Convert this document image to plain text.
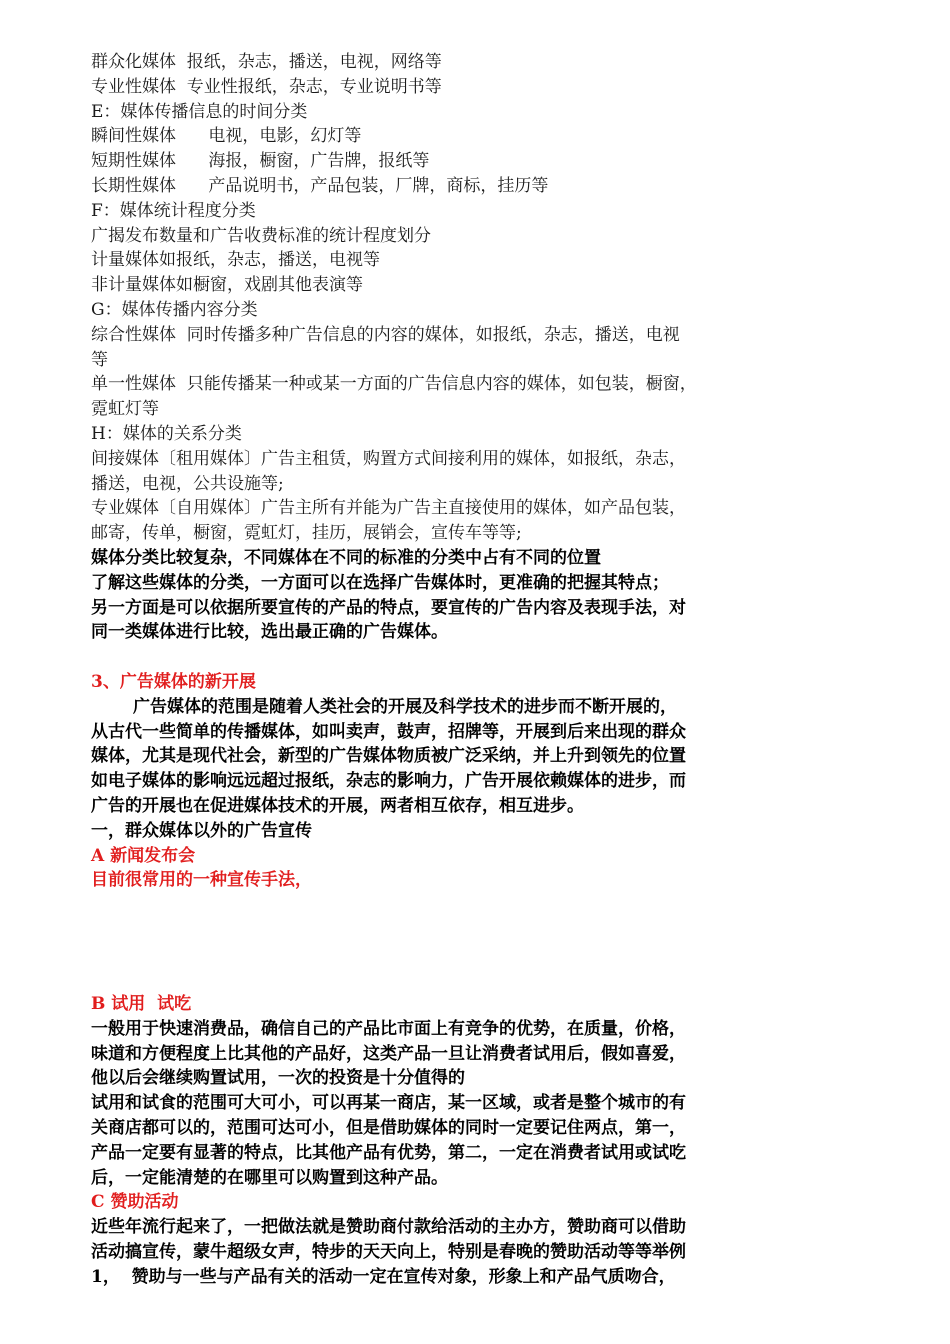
群众化媒体  报纸，杂志，播送，电视，网络等
专业性媒体  专业性报纸，杂志，专业说明书等
E：媒体传播信息的时间分类
瞬间性媒体      电视，电影，幻灯等
短期性媒体      海报，橱窗，广告牌，报纸等
长期性媒体      产品说明书，产品包装，厂牌，商标，挂历等
F：媒体统计程度分类
广揭发布数量和广告收费标准的统计程度划分
计量媒体如报纸，杂志，播送，电视等
非计量媒体如橱窗，戏剧其他表演等
G：媒体传播内容分类
综合性媒体  同时传播多种广告信息的内容的媒体，如报纸，杂志，播送，电视
等
单一性媒体  只能传播某一种或某一方面的广告信息内容的媒体，如包装，橱窗，
霓虹灯等
H：媒体的关系分类
间接媒体〔租用媒体〕广告主租赁，购置方式间接利用的媒体，如报纸，杂志，
播送，电视，公共设施等;
专业媒体〔自用媒体〕广告主所有并能为广告主直接使用的媒体，如产品包装，
邮寄，传单，橱窗，霓虹灯，挂历，展销会，宣传车等等;
媒体分类比较复杂，不同媒体在不同的标准的分类中占有不同的位置
了解这些媒体的分类，一方面可以在选择广告媒体时，更准确的把握其特点；
另一方面是可以依据所要宣传的产品的特点，要宣传的广告内容及表现手法，对
同一类媒体进行比较，选出最正确的广告媒体。
3、广告媒体的新开展
广告媒体的范围是随着人类社会的开展及科学技术的进步而不断开展的，
从古代一些简单的传播媒体，如叫卖声，鼓声，招牌等，开展到后来出现的群众
媒体，尤其是现代社会，新型的广告媒体物质被广泛采纳，并上升到领先的位置
如电子媒体的影响远远超过报纸，杂志的影响力，广告开展依赖媒体的进步，而
广告的开展也在促进媒体技术的开展，两者相互依存，相互进步。
一，群众媒体以外的广告宣传
A 新闻发布会
目前很常用的一种宣传手法，
B 试用  试吃
一般用于快速消费品，确信自己的产品比市面上有竞争的优势，在质量，价格，
味道和方便程度上比其他的产品好，这类产品一旦让消费者试用后，假如喜爱，
他以后会继续购置试用，一次的投资是十分值得的
试用和试食的范围可大可小，可以再某一商店，某一区域，或者是整个城市的有
关商店都可以的，范围可达可小，但是借助媒体的同时一定要记住两点，第一，
产品一定要有显著的特点，比其他产品有优势，第二，一定在消费者试用或试吃
后，一定能清楚的在哪里可以购置到这种产品。
C 赞助活动
近些年流行起来了，一把做法就是赞助商付款给活动的主办方，赞助商可以借助
活动搞宣传，蒙牛超级女声，特步的天天向上，特别是春晚的赞助活动等等举例
1，  赞助与一些与产品有关的活动一定在宣传对象，形象上和产品气质吻合，
